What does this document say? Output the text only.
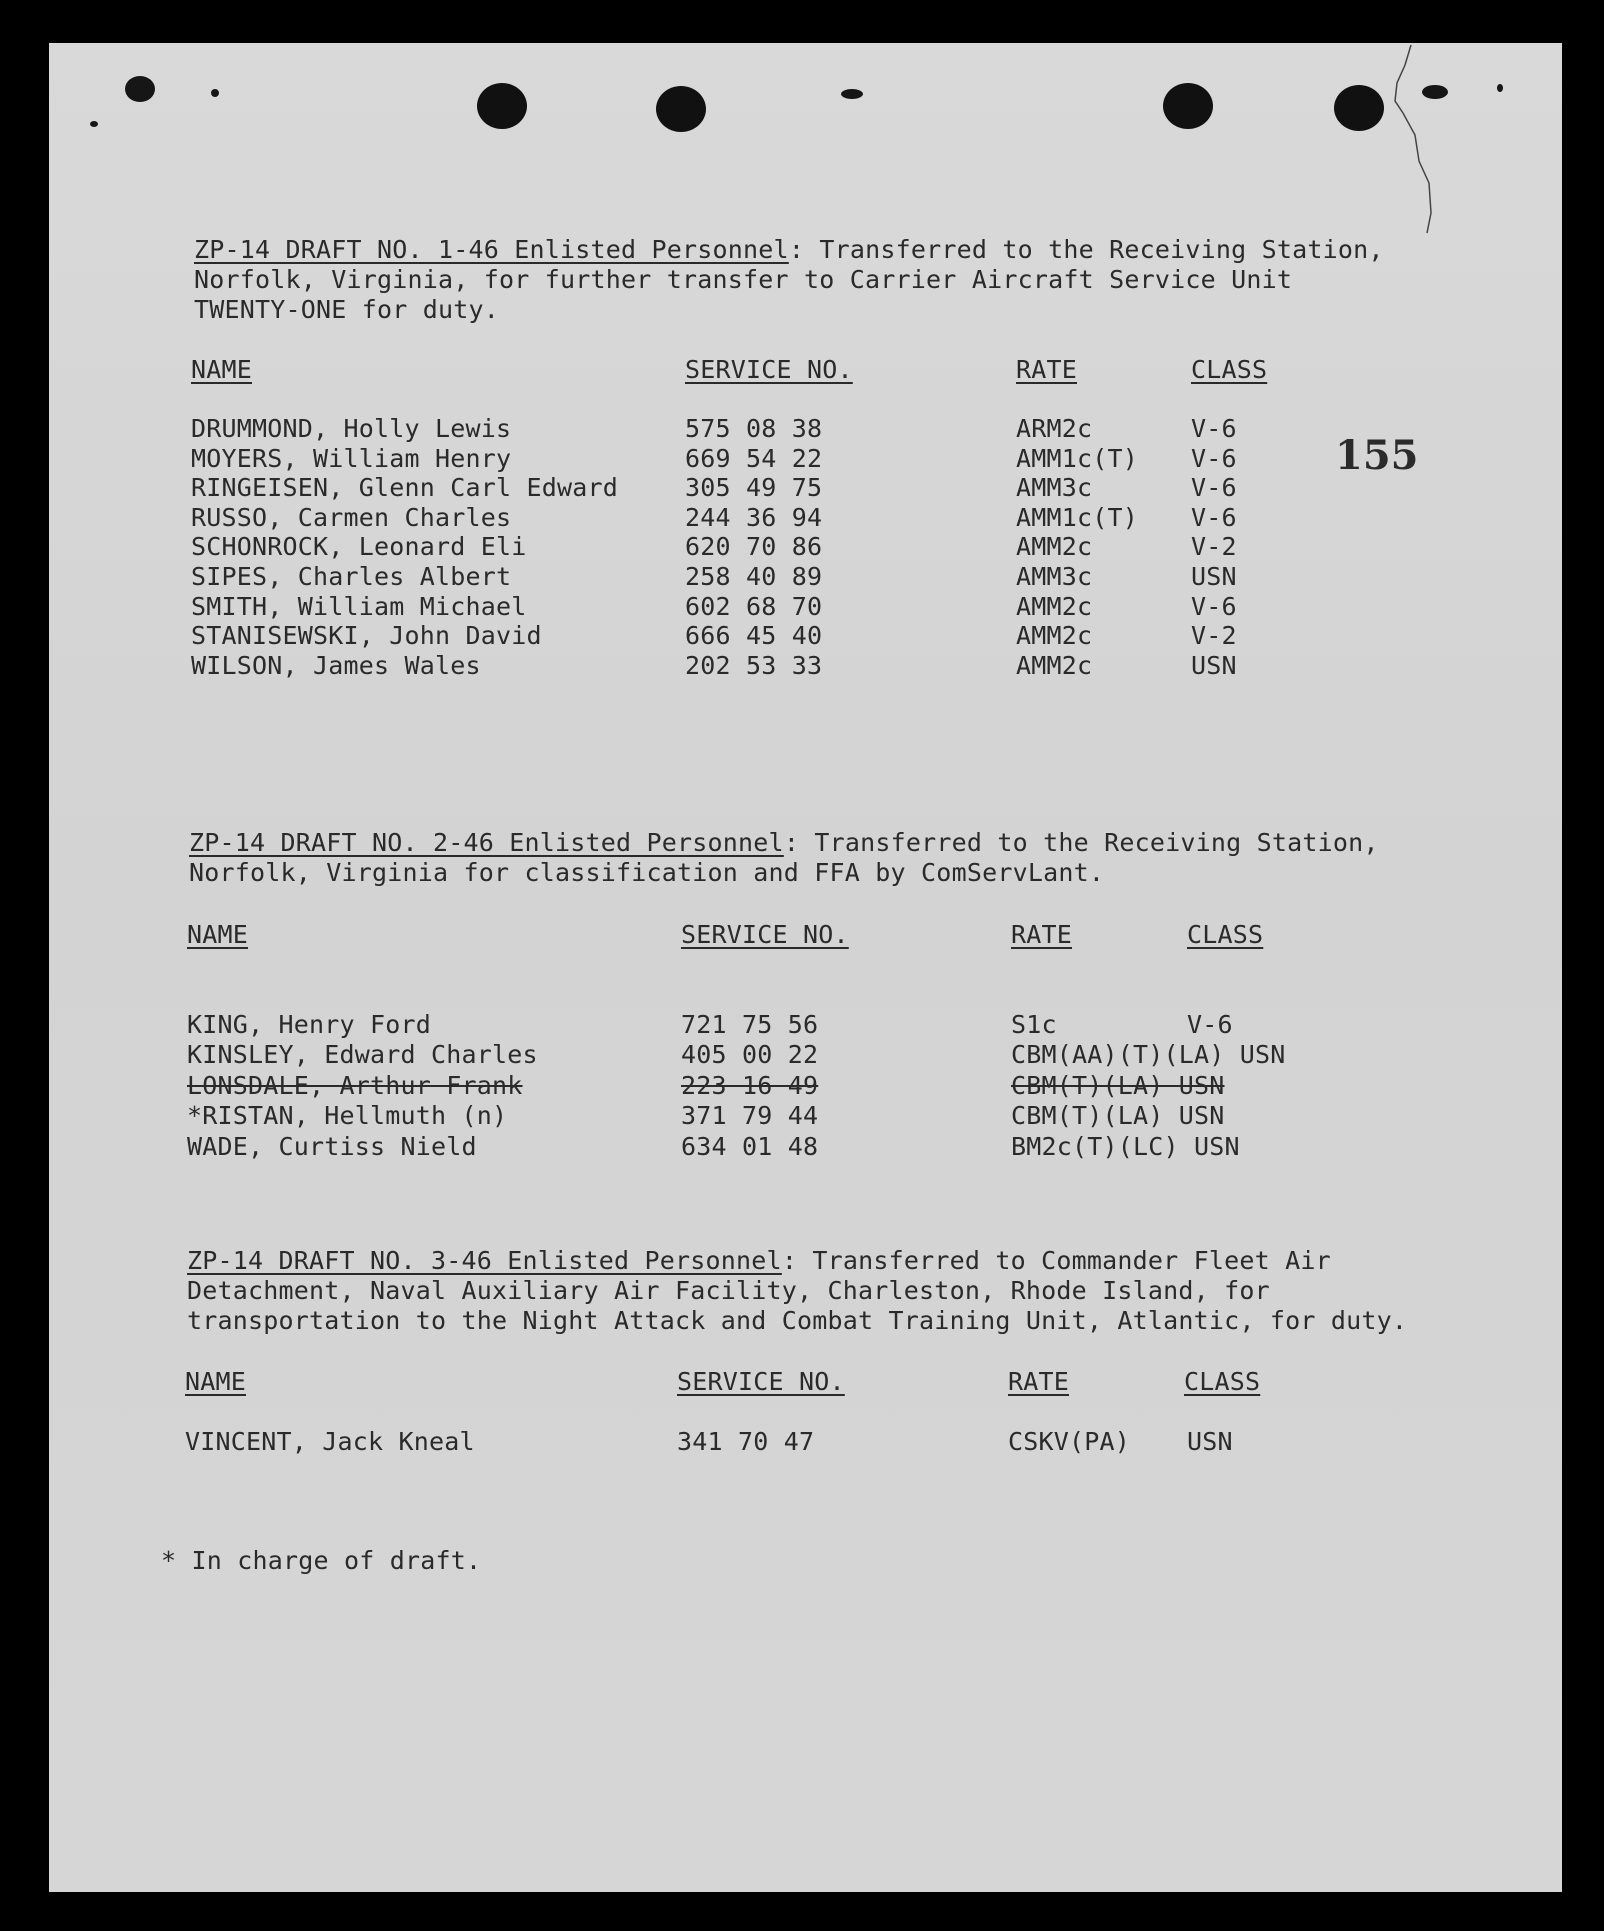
155
ZP-14 DRAFT NO. 1-46 Enlisted Personnel: Transferred to the Receiving Station,
Norfolk, Virginia, for further transfer to Carrier Aircraft Service Unit
TWENTY-ONE for duty.
NAME	SERVICE NO.	RATE	CLASS
DRUMMOND, Holly Lewis	575 08 38	ARM2c	V-6
MOYERS, William Henry	669 54 22	AMM1c(T) V-6
RINGEISEN, Glenn Carl Edward	305 49 75	AMM3c	V-6
RUSSO, Carmen Charles	244 36 94	AMM1c(T) V-6
SCHONROCK, Leonard Eli	620 70 86	AMM2c	V-2
SIPES, Charles Albert	258 40 89	AMM3c	USN
SMITH, William Michael	602 68 70	AMM2c	V-6
STANISEWSKI, John David	666 45 40	AMM2c	V-2
WILSON, James Wales	202 53 33	AMM2c	USN
ZP-14 DRAFT NO. 2-46 Enlisted Personnel: Transferred to the Receiving Station,
Norfolk, Virginia for classification and FFA by ComServLant.
NAME	SERVICE NO.	RATE	CLASS
KING, Henry Ford	721 75 56	S1c	V-6
KINSLEY, Edward Charles	405 00 22	CBM(AA)(T)(LA) USN
LONSDALE, Arthur Frank	223 16 49	CBM(T)(LA) USN
*RISTAN, Hellmuth (n)	371 79 44	CBM(T)(LA) USN
WADE, Curtiss Nield	634 01 48	BM2c(T)(LC) USN
ZP-14 DRAFT NO. 3-46 Enlisted Personnel: Transferred to Commander Fleet Air
Detachment, Naval Auxiliary Air Facility, Charleston, Rhode Island, for
transportation to the Night Attack and Combat Training Unit, Atlantic, for duty.
NAME	SERVICE NO.	RATE	CLASS
VINCENT, Jack Kneal	341 70 47	CSKV(PA) USN
* In charge of draft.
